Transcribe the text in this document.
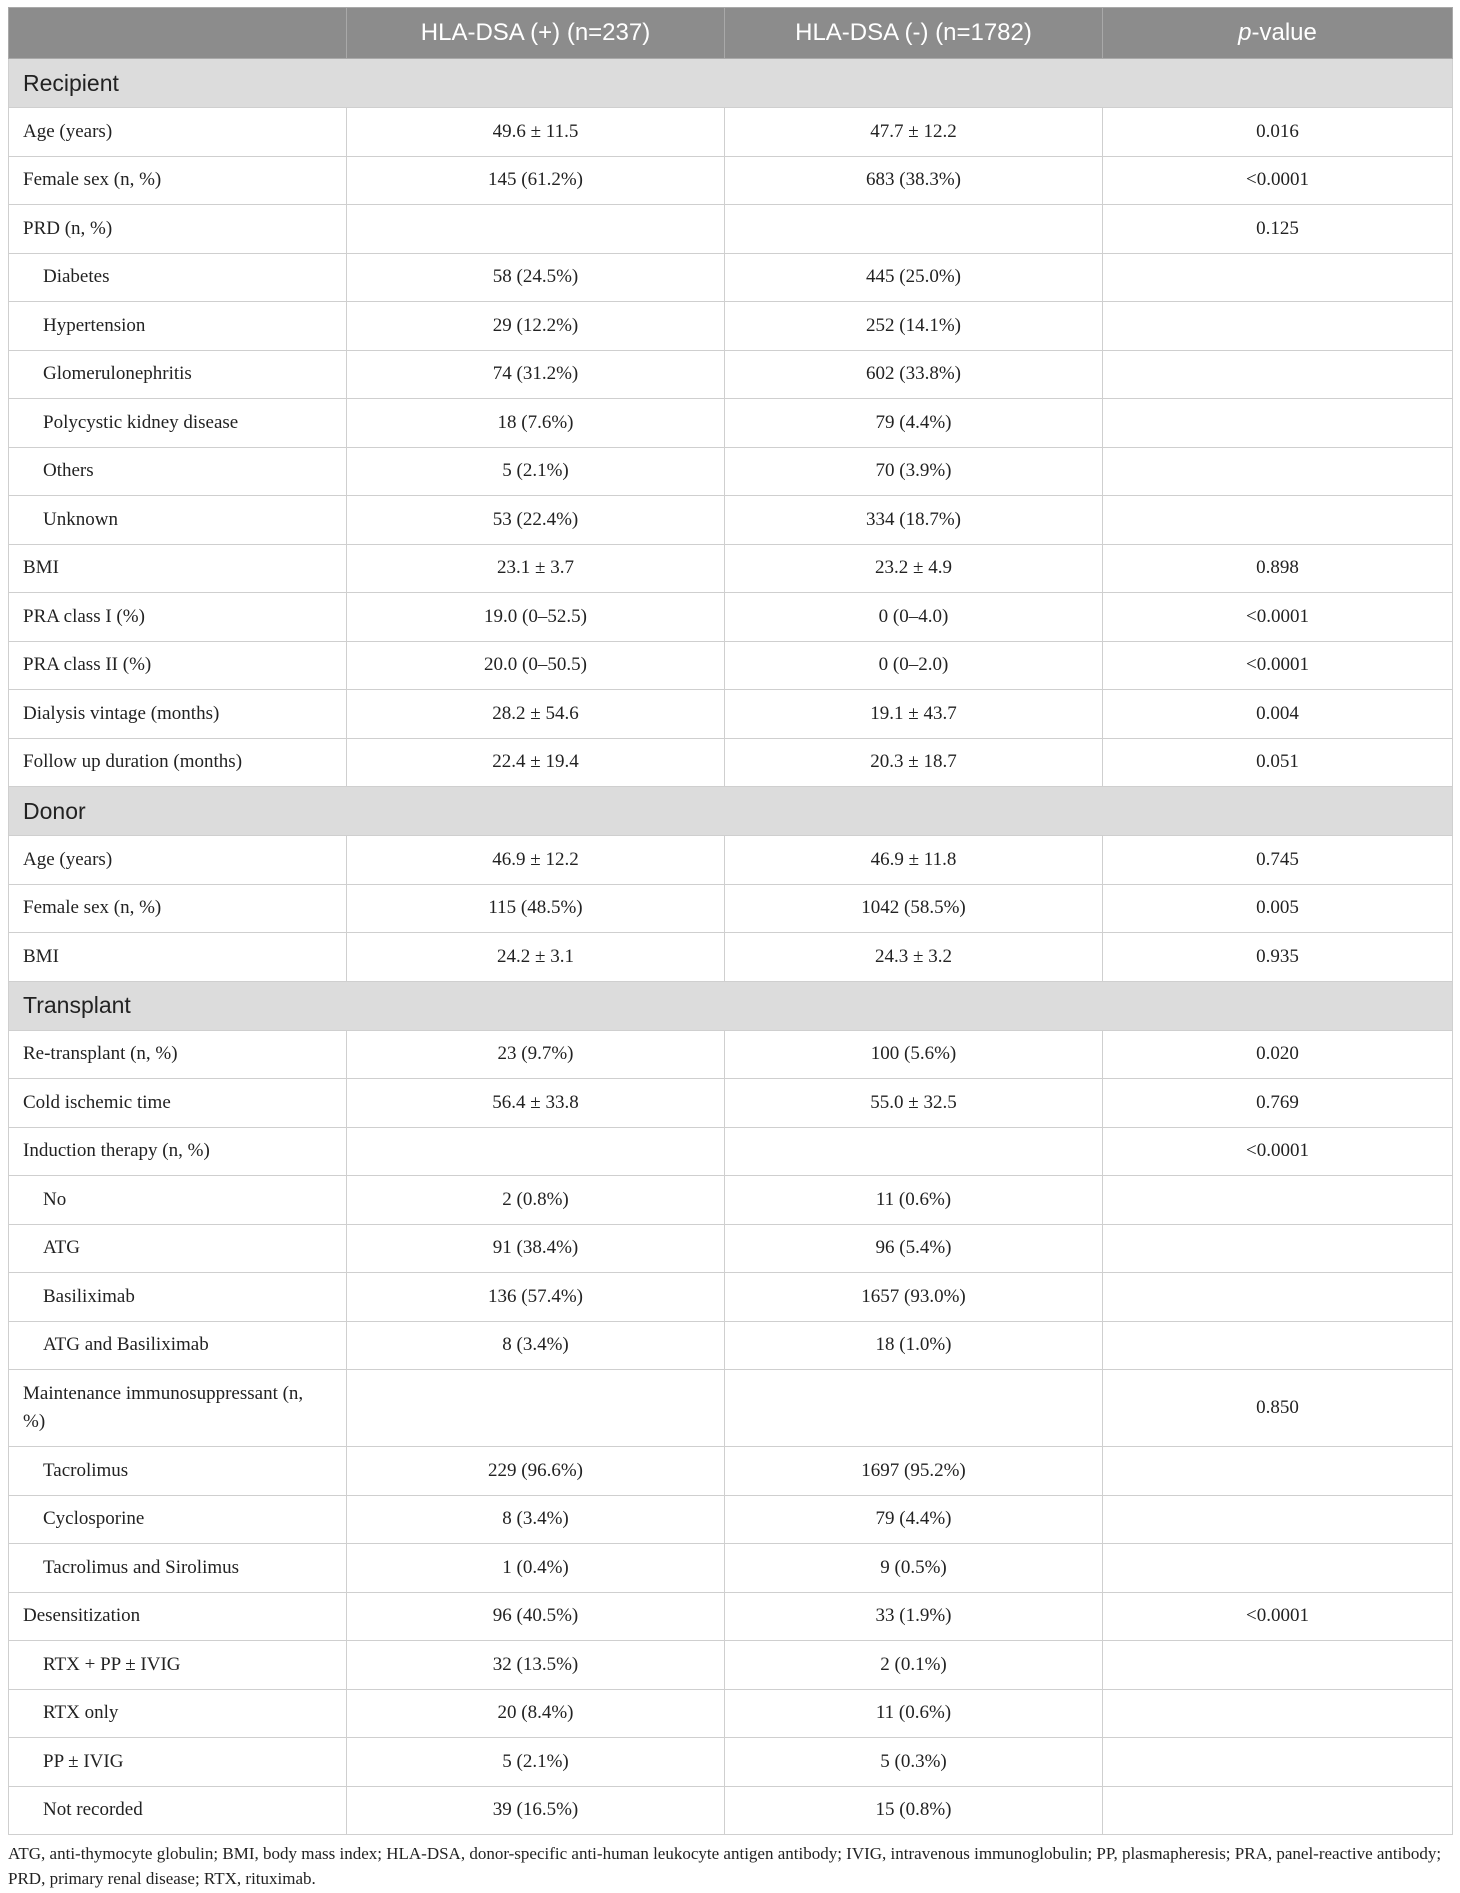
	HLA-DSA (+) (n=237)	HLA-DSA (-) (n=1782)	p-value
Recipient			
Age (years)	49.6 ± 11.5	47.7 ± 12.2	0.016
Female sex (n, %)	145 (61.2%)	683 (38.3%)	<0.0001
PRD (n, %)			0.125
Diabetes	58 (24.5%)	445 (25.0%)	
Hypertension	29 (12.2%)	252 (14.1%)	
Glomerulonephritis	74 (31.2%)	602 (33.8%)	
Polycystic kidney disease	18 (7.6%)	79 (4.4%)	
Others	5 (2.1%)	70 (3.9%)	
Unknown	53 (22.4%)	334 (18.7%)	
BMI	23.1 ± 3.7	23.2 ± 4.9	0.898
PRA class I (%)	19.0 (0–52.5)	0 (0–4.0)	<0.0001
PRA class II (%)	20.0 (0–50.5)	0 (0–2.0)	<0.0001
Dialysis vintage (months)	28.2 ± 54.6	19.1 ± 43.7	0.004
Follow up duration (months)	22.4 ± 19.4	20.3 ± 18.7	0.051
Donor			
Age (years)	46.9 ± 12.2	46.9 ± 11.8	0.745
Female sex (n, %)	115 (48.5%)	1042 (58.5%)	0.005
BMI	24.2 ± 3.1	24.3 ± 3.2	0.935
Transplant			
Re-transplant (n, %)	23 (9.7%)	100 (5.6%)	0.020
Cold ischemic time	56.4 ± 33.8	55.0 ± 32.5	0.769
Induction therapy (n, %)			<0.0001
No	2 (0.8%)	11 (0.6%)	
ATG	91 (38.4%)	96 (5.4%)	
Basiliximab	136 (57.4%)	1657 (93.0%)	
ATG and Basiliximab	8 (3.4%)	18 (1.0%)	
Maintenance immunosuppressant (n, %)			0.850
Tacrolimus	229 (96.6%)	1697 (95.2%)	
Cyclosporine	8 (3.4%)	79 (4.4%)	
Tacrolimus and Sirolimus	1 (0.4%)	9 (0.5%)	
Desensitization	96 (40.5%)	33 (1.9%)	<0.0001
RTX + PP ± IVIG	32 (13.5%)	2 (0.1%)	
RTX only	20 (8.4%)	11 (0.6%)	
PP ± IVIG	5 (2.1%)	5 (0.3%)	
Not recorded	39 (16.5%)	15 (0.8%)	
ATG, anti-thymocyte globulin; BMI, body mass index; HLA-DSA, donor-specific anti-human leukocyte antigen antibody; IVIG, intravenous immunoglobulin; PP, plasmapheresis; PRA, panel-reactive antibody; PRD, primary renal disease; RTX, rituximab.
